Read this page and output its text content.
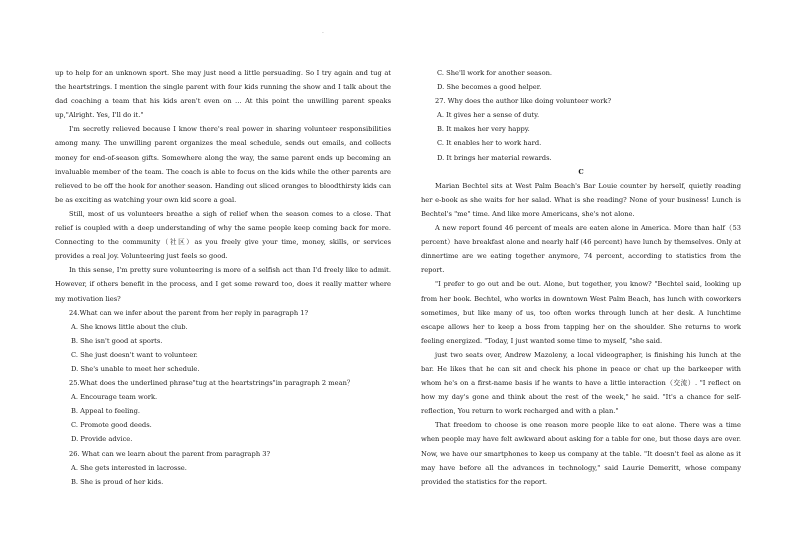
·

up to help for an unknown sport. She may just need a little persuading. So I try again and tug at the heartstrings. I mention the single parent with four kids running the show and I talk about the dad coaching a team that his kids aren't even on … At this point the unwilling parent speaks up,"Alright. Yes, I'll do it."

I'm secretly relieved because I know there's real power in sharing volunteer responsibilities among many. The unwilling parent organizes the meal schedule, sends out emails, and collects money for end-of-season gifts. Somewhere along the way, the same parent ends up becoming an invaluable member of the team. The coach is able to focus on the kids while the other parents are relieved to be off the hook for another season. Handing out sliced oranges to bloodthirsty kids can be as exciting as watching your own kid score a goal.

Still, most of us volunteers breathe a sigh of relief when the season comes to a close. That relief is coupled with a deep understanding of why the same people keep coming back for more. Connecting to the community（社区）as you freely give your time, money, skills, or services provides a real joy. Volunteering just feels so good.

In this sense, I'm pretty sure volunteering is more of a selfish act than I'd freely like to admit. However, if others benefit in the process, and I get some reward too, does it really matter where my motivation lies?

24.What can we infer about the parent from her reply in paragraph 1?

A. She knows little about the club.

B. She isn't good at sports.

C. She just doesn't want to volunteer.

D. She's unable to meet her schedule.

25.What does the underlined phrase"tug at the heartstrings"in paragraph 2 mean？

A. Encourage team work.

B. Appeal to feeling.

C. Promote good deeds.

D. Provide advice.

26. What can we learn about the parent from paragraph 3?

A. She gets interested in lacrosse.

B. She is proud of her kids.

C. She'll work for another season.

D. She becomes a good helper.

27. Why does the author like doing volunteer work?

A. It gives her a sense of duty.

B. It makes her very happy.

C. It enables her to work hard.

D. It brings her material rewards.

C

Marian Bechtel sits at West Palm Beach's Bar Louie counter by herself, quietly reading her e-book as she waits for her salad. What is she reading? None of your business! Lunch is Bechtel's "me" time. And like more Americans, she's not alone.

A new report found 46 percent of meals are eaten alone in America. More than half（53 percent）have breakfast alone and nearly half (46 percent) have lunch by themselves. Only at dinnertime are we eating together anymore, 74 percent, according to statistics from the report.

"I prefer to go out and be out. Alone, but together, you know? "Bechtel said, looking up from her book. Bechtel, who works in downtown West Palm Beach, has lunch with coworkers sometimes, but like many of us, too often works through lunch at her desk. A lunchtime escape allows her to keep a boss from tapping her on the shoulder. She returns to work feeling energized. "Today, I just wanted some time to myself, "she said.

just two seats over, Andrew Mazoleny, a local videographer, is finishing his lunch at the bar. He likes that he can sit and check his phone in peace or chat up the barkeeper with whom he's on a first-name basis if he wants to have a little interaction（交流）. "I reflect on how my day's gone and think about the rest of the week," he said. "It's a chance for self-reflection, You return to work recharged and with a plan."

That freedom to choose is one reason more people like to eat alone. There was a time when people may have felt awkward about asking for a table for one, but those days are over. Now, we have our smartphones to keep us company at the table. "It doesn't feel as alone as it may have before all the advances in technology," said Laurie Demeritt, whose company provided the statistics for the report.
